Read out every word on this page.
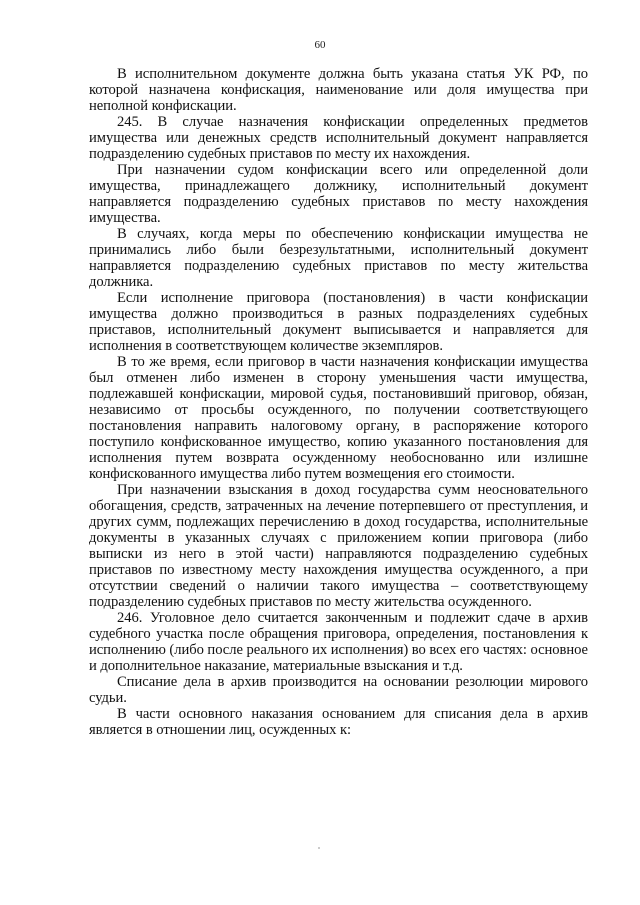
60

В исполнительном документе должна быть указана статья УК РФ, по которой назначена конфискация, наименование или доля имущества при неполной конфискации.

245. В случае назначения конфискации определенных предметов имущества или денежных средств исполнительный документ направляется подразделению судебных приставов по месту их нахождения.

При назначении судом конфискации всего или определенной доли имущества, принадлежащего должнику, исполнительный документ направляется подразделению судебных приставов по месту нахождения имущества.

В случаях, когда меры по обеспечению конфискации имущества не принимались либо были безрезультатными, исполнительный документ направляется подразделению судебных приставов по месту жительства должника.

Если исполнение приговора (постановления) в части конфискации имущества должно производиться в разных подразделениях судебных приставов, исполнительный документ выписывается и направляется для исполнения в соответствующем количестве экземпляров.

В то же время, если приговор в части назначения конфискации имущества был отменен либо изменен в сторону уменьшения части имущества, подлежавшей конфискации, мировой судья, постановивший приговор, обязан, независимо от просьбы осужденного, по получении соответствующего постановления направить налоговому органу, в распоряжение которого поступило конфискованное имущество, копию указанного постановления для исполнения путем возврата осужденному необоснованно или излишне конфискованного имущества либо путем возмещения его стоимости.

При назначении взыскания в доход государства сумм неосновательного обогащения, средств, затраченных на лечение потерпевшего от преступления, и других сумм, подлежащих перечислению в доход государства, исполнительные документы в указанных случаях с приложением копии приговора (либо выписки из него в этой части) направляются подразделению судебных приставов по известному месту нахождения имущества осужденного, а при отсутствии сведений о наличии такого имущества – соответствующему подразделению судебных приставов по месту жительства осужденного.

246. Уголовное дело считается законченным и подлежит сдаче в архив судебного участка после обращения приговора, определения, постановления к исполнению (либо после реального их исполнения) во всех его частях: основное и дополнительное наказание, материальные взыскания и т.д.

Списание дела в архив производится на основании резолюции мирового судьи.

В части основного наказания основанием для списания дела в архив является в отношении лиц, осужденных к:
